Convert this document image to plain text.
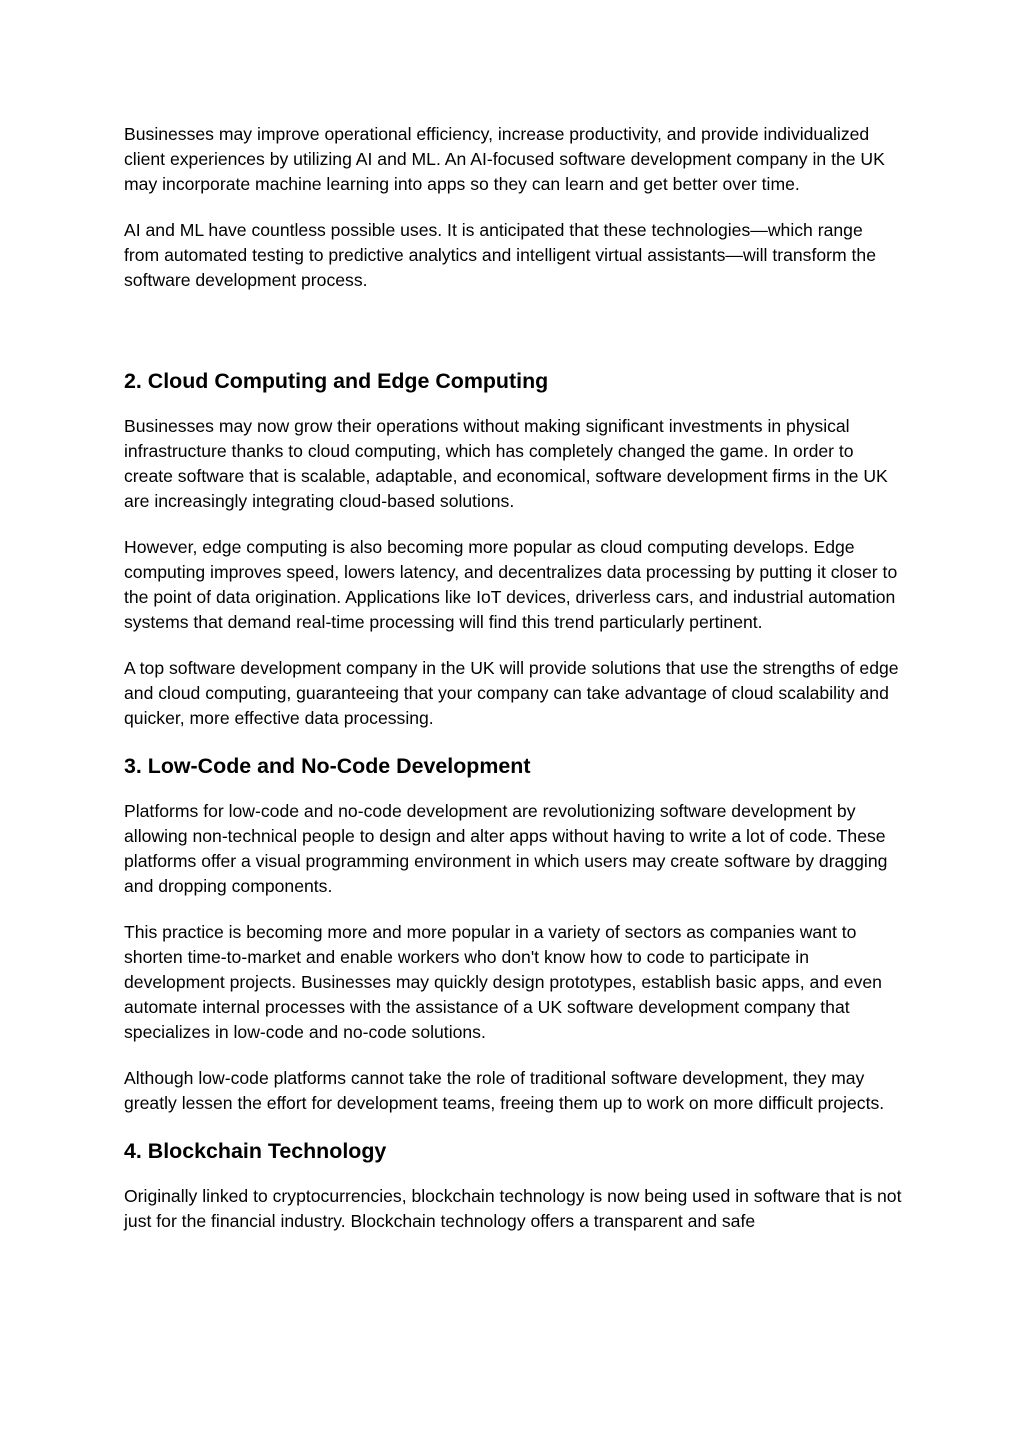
Businesses may improve operational efficiency, increase productivity, and provide individualized client experiences by utilizing AI and ML. An AI-focused software development company in the UK may incorporate machine learning into apps so they can learn and get better over time.

AI and ML have countless possible uses. It is anticipated that these technologies—which range from automated testing to predictive analytics and intelligent virtual assistants—will transform the software development process.

2. Cloud Computing and Edge Computing

Businesses may now grow their operations without making significant investments in physical infrastructure thanks to cloud computing, which has completely changed the game. In order to create software that is scalable, adaptable, and economical, software development firms in the UK are increasingly integrating cloud-based solutions.

However, edge computing is also becoming more popular as cloud computing develops. Edge computing improves speed, lowers latency, and decentralizes data processing by putting it closer to the point of data origination. Applications like IoT devices, driverless cars, and industrial automation systems that demand real-time processing will find this trend particularly pertinent.

A top software development company in the UK will provide solutions that use the strengths of edge and cloud computing, guaranteeing that your company can take advantage of cloud scalability and quicker, more effective data processing.

3. Low-Code and No-Code Development

Platforms for low-code and no-code development are revolutionizing software development by allowing non-technical people to design and alter apps without having to write a lot of code. These platforms offer a visual programming environment in which users may create software by dragging and dropping components.

This practice is becoming more and more popular in a variety of sectors as companies want to shorten time-to-market and enable workers who don't know how to code to participate in development projects. Businesses may quickly design prototypes, establish basic apps, and even automate internal processes with the assistance of a UK software development company that specializes in low-code and no-code solutions.

Although low-code platforms cannot take the role of traditional software development, they may greatly lessen the effort for development teams, freeing them up to work on more difficult projects.

4. Blockchain Technology

Originally linked to cryptocurrencies, blockchain technology is now being used in software that is not just for the financial industry. Blockchain technology offers a transparent and safe
